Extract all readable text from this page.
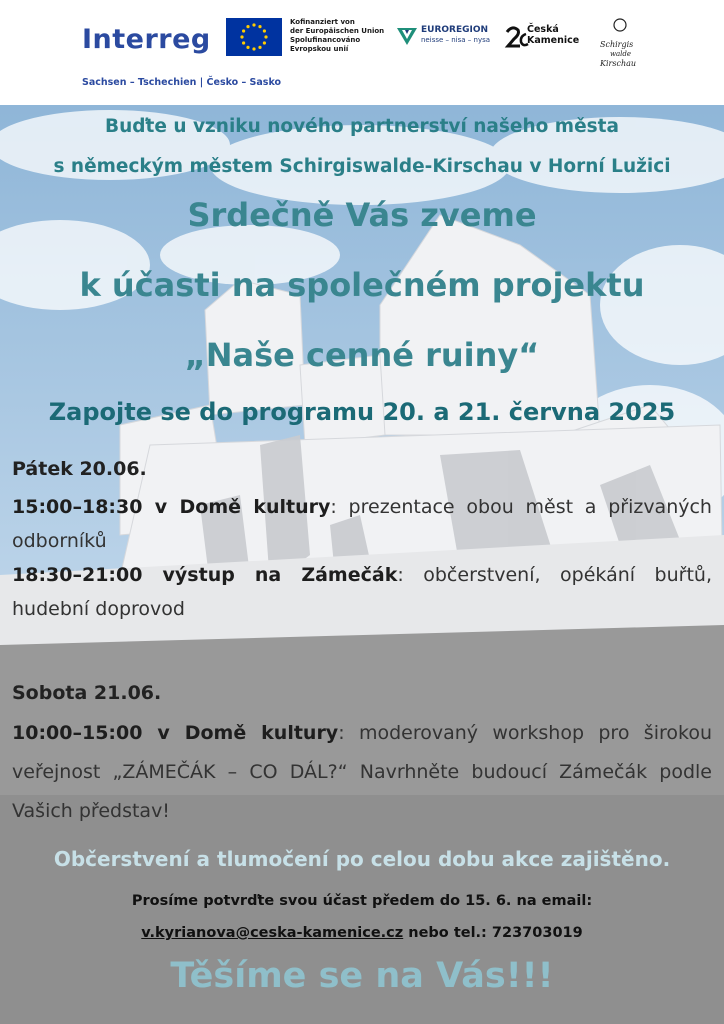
Interreg
Kofinanziert von
der Europäischen Union
Spolufinancováno
Evropskou unií
EUROREGION
neisse – nisa – nysa
Česká
Kamenice	Schirgis
walde
Kirschau
Sachsen – Tschechien | Česko – Sasko
Buďte u vzniku nového partnerství našeho města
s německým městem Schirgiswalde-Kirschau v Horní Lužici
Srdečně Vás zveme
k účasti na společném projektu
„Naše cenné ruiny“
Zapojte se do programu 20. a 21. června 2025
Pátek 20.06.
15:00–18:30 v Domě kultury: prezentace obou měst a přizvaných odborníků
18:30–21:00 výstup na Zámečák: občerstvení, opékání buřtů, hudební doprovod
Sobota 21.06.
10:00–15:00 v Domě kultury: moderovaný workshop pro širokou veřejnost „ZÁMEČÁK – CO DÁL?“ Navrhněte budoucí Zámečák podle Vašich představ!
Občerstvení a tlumočení po celou dobu akce zajištěno.
Prosíme potvrďte svou účast předem do 15. 6. na email:
v.kyrianova@ceska-kamenice.cz nebo tel.: 723703019
Těšíme se na Vás!!!
